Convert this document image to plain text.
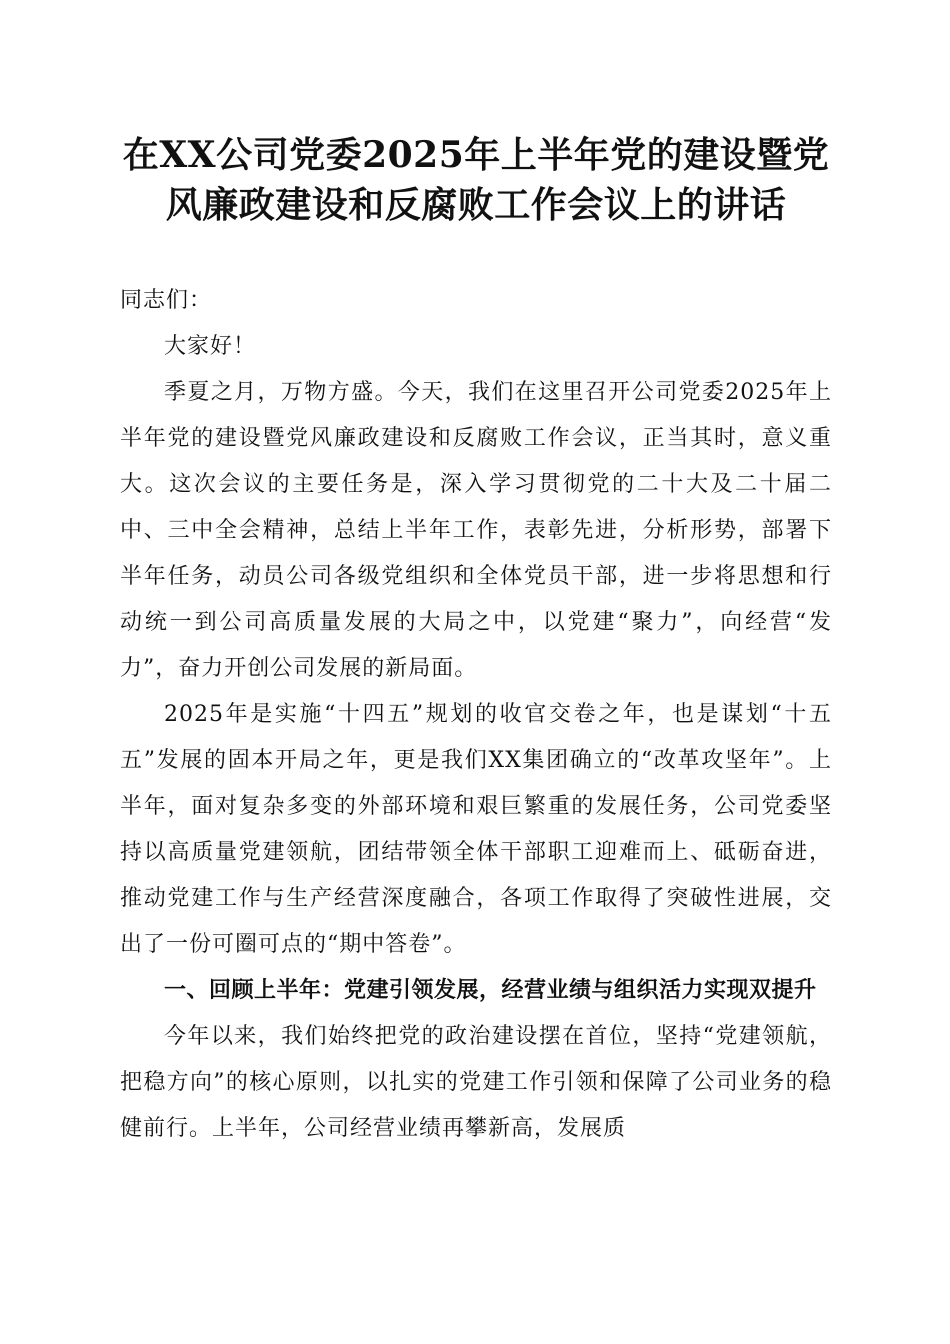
在XX公司党委2025年上半年党的建设暨党
风廉政建设和反腐败工作会议上的讲话

同志们：

大家好！

季夏之月，万物方盛。今天，我们在这里召开公司党委2025年上半年党的建设暨党风廉政建设和反腐败工作会议，正当其时，意义重大。这次会议的主要任务是，深入学习贯彻党的二十大及二十届二中、三中全会精神，总结上半年工作，表彰先进，分析形势，部署下半年任务，动员公司各级党组织和全体党员干部，进一步将思想和行动统一到公司高质量发展的大局之中，以党建“聚力”，向经营“发力”，奋力开创公司发展的新局面。

2025年是实施“十四五”规划的收官交卷之年，也是谋划“十五五”发展的固本开局之年，更是我们XX集团确立的“改革攻坚年”。上半年，面对复杂多变的外部环境和艰巨繁重的发展任务，公司党委坚持以高质量党建领航，团结带领全体干部职工迎难而上、砥砺奋进，推动党建工作与生产经营深度融合，各项工作取得了突破性进展，交出了一份可圈可点的“期中答卷”。

一、回顾上半年：党建引领发展，经营业绩与组织活力实现双提升

今年以来，我们始终把党的政治建设摆在首位，坚持“党建领航，把稳方向”的核心原则，以扎实的党建工作引领和保障了公司业务的稳健前行。上半年，公司经营业绩再攀新高，发展质
